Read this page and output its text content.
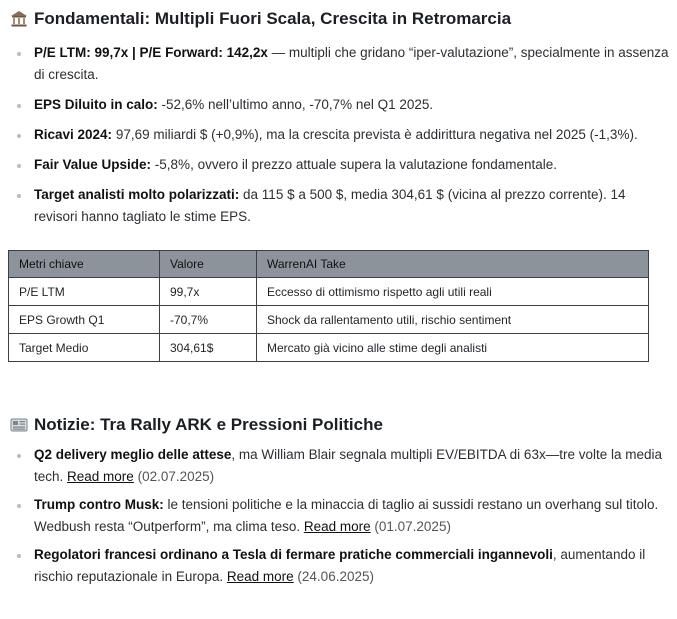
Fondamentali: Multipli Fuori Scala, Crescita in Retromarcia
P/E LTM: 99,7x | P/E Forward: 142,2x — multipli che gridano “iper-valutazione”, specialmente in assenza di crescita.
EPS Diluito in calo: -52,6% nell’ultimo anno, -70,7% nel Q1 2025.
Ricavi 2024: 97,69 miliardi $ (+0,9%), ma la crescita prevista è addirittura negativa nel 2025 (-1,3%).
Fair Value Upside: -5,8%, ovvero il prezzo attuale supera la valutazione fondamentale.
Target analisti molto polarizzati: da 115 $ a 500 $, media 304,61 $ (vicina al prezzo corrente). 14 revisori hanno tagliato le stime EPS.
Metri chiave	Valore	WarrenAI Take
P/E LTM	99,7x	Eccesso di ottimismo rispetto agli utili reali
EPS Growth Q1	-70,7%	Shock da rallentamento utili, rischio sentiment
Target Medio	304,61$	Mercato già vicino alle stime degli analisti
Notizie: Tra Rally ARK e Pressioni Politiche
Q2 delivery meglio delle attese, ma William Blair segnala multipli EV/EBITDA di 63x—tre volte la media tech. Read more (02.07.2025)
Trump contro Musk: le tensioni politiche e la minaccia di taglio ai sussidi restano un overhang sul titolo. Wedbush resta “Outperform”, ma clima teso. Read more (01.07.2025)
Regolatori francesi ordinano a Tesla di fermare pratiche commerciali ingannevoli, aumentando il rischio reputazionale in Europa. Read more (24.06.2025)
